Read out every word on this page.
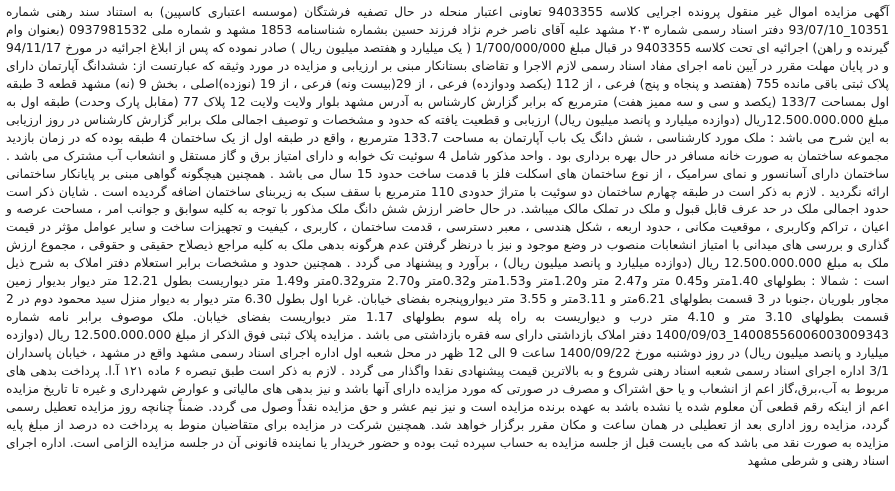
آگهی مزایده اموال غیر منقول پرونده اجرایی کلاسه 9403355 تعاونی اعتبار منحله در حال تصفیه فرشتگان (موسسه اعتباری کاسپین) به استناد سند رهنی شماره 10351_93/07/10 دفتر اسناد رسمی شماره ۲۰۳ مشهد علیه آقای ناصر خرم نژاد فرزند حسین بشماره شناسنامه 1853 مشهد و شماره ملی 0937981532 (بعنوان وام گیرنده و راهن) اجرائیه ای تحت کلاسه 9403355 در قبال مبلغ 1/700/000/000 ( یک میلیارد و هفتصد میلیون ریال ) صادر نموده که پس از ابلاغ اجرائیه در مورخ 94/11/17 و در پایان مهلت مقرر در آیین نامه اجرای مفاد اسناد رسمی لازم الاجرا و تقاضای بستانکار مبنی بر ارزیابی و مزایده در مورد وثیقه که عبارتست از: ششدانگ آپارتمان دارای پلاک ثبتی باقی مانده 755 (هفتصد و پنجاه و پنج) فرعی ، از 112 (یکصد ودوازده) فرعی ، از 29(بیست ونه) فرعی ، از 19 (نوزده)اصلی ، بخش 9 (نه) مشهد قطعه 3 طبقه اول بمساحت 133/7 (یکصد و سی و سه ممیز هفت) مترمربع که برابر گزارش کارشناس به آدرس مشهد بلوار ولایت ولایت 12 پلاک 77 (مقابل پارک وحدت) طبقه اول به مبلغ 12.500.000.000ریال (دوازده میلیارد و پانصد میلیون ریال) ارزیابی و قطعیت یافته که حدود و مشخصات و توصیف اجمالی ملک برابر گزارش کارشناس در روز ارزیابی به این شرح می باشد : ملک مورد کارشناسی ، شش دانگ یک باب آپارتمان به مساحت 133.7 مترمربع ، واقع در طبقه اول از یک ساختمان 4 طبقه بوده که در زمان بازدید مجموعه ساختمان به صورت خانه مسافر در حال بهره برداری بود . واحد مذکور شامل 4 سوئیت تک خوابه و دارای امتیاز برق و گاز مستقل و انشعاب آب مشترک می باشد . ساختمان دارای آسانسور و نمای سرامیک ، از نوع ساختمان های اسکلت فلز با قدمت ساخت حدود 15 سال می باشد . همچنین هیچگونه گواهی مبنی بر پایانکار ساختمانی ارائه نگردید . لازم به ذکر است در طبقه چهارم ساختمان دو سوئیت با متراژ حدودی 110 مترمربع با سقف سبک به زیربنای ساختمان اضافه گردیده است . شایان ذکر است حدود اجمالی ملک در حد عرف قابل قبول و ملک در تملک مالک میباشد. در حال حاضر ارزش شش دانگ ملک مذکور با توجه به کلیه سوابق و جوانب امر ، مساحت عرصه و اعیان ، تراکم وکاربری ، موقعیت مکانی ، حدود اربعه ، شکل هندسی ، معبر دسترسی ، قدمت ساختمان ، کاربری ، کیفیت و تجهیزات ساخت و سایر عوامل مؤثر در قیمت گذاری و بررسی های میدانی با امتیاز انشعابات منصوب در وضع موجود و نیز با درنظر گرفتن عدم هرگونه بدهی ملک به کلیه مراجع ذیصلاح حقیقی و حقوقی ، مجموع ارزش ملک به مبلغ 12.500.000.000 ریال (دوازده میلیارد و پانصد میلیون ریال) ، برآورد و پیشنهاد می گردد . همچنین حدود و مشخصات برابر استعلام دفتر املاک به شرح ذیل است : شمالا : بطولهای 1.40متر و0.45 متر و2.47 متر و1.20متر و1.53متر و0.32متر و2.70 مترو0.32متر و1.49 متر دیواریست بطول 12.21 متر دیوار بدیوار زمین مجاور بلوریان ،جنوبا در 3 قسمت بطولهای 6.21متر و 3.11متر و 3.55 متر دیواروپنجره بفضای خیابان. غربا اول بطول 6.30 متر دیوار به دیوار منزل سید محمود دوم در 2 قسمت بطولهای 3.10 متر و 4.10 متر درب و دیواریست به راه پله سوم بطولهای 1.17 متر دیواریست بفضای خیابان. ملک موصوف برابر نامه شماره 14008556006003009343_1400/09/03 دفتر املاک بازداشتی دارای سه فقره بازداشتی می باشد . مزایده پلاک ثبتی فوق الذکر از مبلغ 12.500.000.000 ریال (دوازده میلیارد و پانصد میلیون ریال) در روز دوشنبه مورخ 1400/09/22 ساعت 9 الی 12 ظهر در محل شعبه اول اداره اجرای اسناد رسمی مشهد واقع در مشهد ، خیابان پاسداران 3/1 اداره اجرای اسناد رسمی شعبه اسناد رهنی شروع و به بالاترین قیمت پیشنهادی نقدا واگذار می گردد . لازم به ذکر است طبق تبصره ۶ ماده ۱۲۱ آ.ا. پرداخت بدهی های مربوط به آب،برق،گاز اعم از انشعاب و یا حق اشتراک و مصرف در صورتی که مورد مزایده دارای آنها باشد و نیز بدهی های مالیاتی و عوارض شهرداری و غیره تا تاریخ مزایده اعم از اینکه رقم قطعی آن معلوم شده یا نشده باشد به عهده برنده مزایده است و نیز نیم عشر و حق مزایده نقداً وصول می گردد. ضمناً چنانچه روز مزایده تعطیل رسمی گردد، مزایده روز اداری بعد از تعطیلی در همان ساعت و مکان مقرر برگزار خواهد شد. همچنین شرکت در مزایده برای متقاضیان منوط به پرداخت ده درصد از مبلغ پایه مزایده به صورت نقد می باشد که می بایست قبل از جلسه مزایده به حساب سپرده ثبت بوده و حضور خریدار یا نماینده قانونی آن در جلسه مزایده الزامی است. اداره اجرای اسناد رهنی و شرطی مشهد
